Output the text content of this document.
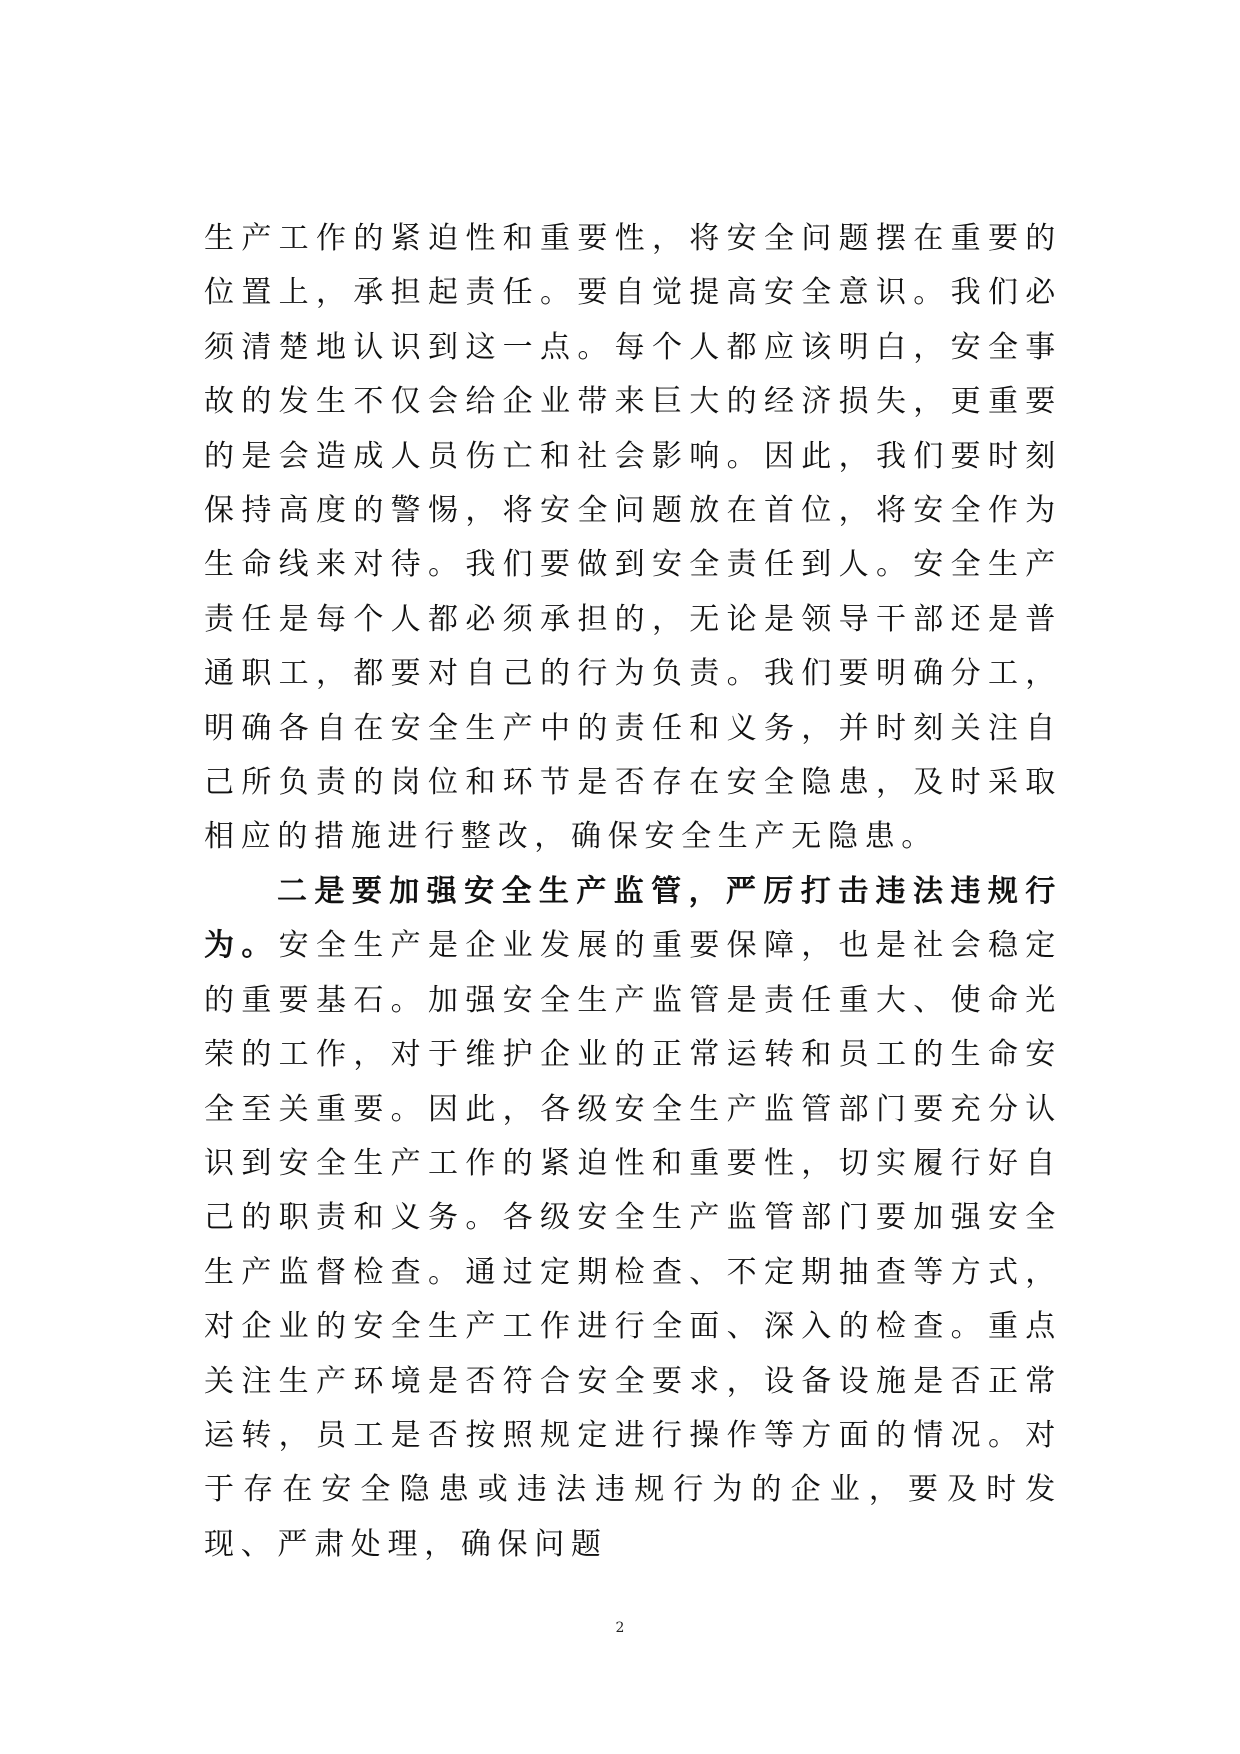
生产工作的紧迫性和重要性，将安全问题摆在重要的位置上，承担起责任。要自觉提高安全意识。我们必须清楚地认识到这一点。每个人都应该明白，安全事故的发生不仅会给企业带来巨大的经济损失，更重要的是会造成人员伤亡和社会影响。因此，我们要时刻保持高度的警惕，将安全问题放在首位，将安全作为生命线来对待。我们要做到安全责任到人。安全生产责任是每个人都必须承担的，无论是领导干部还是普通职工，都要对自己的行为负责。我们要明确分工，明确各自在安全生产中的责任和义务，并时刻关注自己所负责的岗位和环节是否存在安全隐患，及时采取相应的措施进行整改，确保安全生产无隐患。

二是要加强安全生产监管，严厉打击违法违规行为。安全生产是企业发展的重要保障，也是社会稳定的重要基石。加强安全生产监管是责任重大、使命光荣的工作，对于维护企业的正常运转和员工的生命安全至关重要。因此，各级安全生产监管部门要充分认识到安全生产工作的紧迫性和重要性，切实履行好自己的职责和义务。各级安全生产监管部门要加强安全生产监督检查。通过定期检查、不定期抽查等方式，对企业的安全生产工作进行全面、深入的检查。重点关注生产环境是否符合安全要求，设备设施是否正常运转，员工是否按照规定进行操作等方面的情况。对于存在安全隐患或违法违规行为的企业，要及时发现、严肃处理，确保问题

2
